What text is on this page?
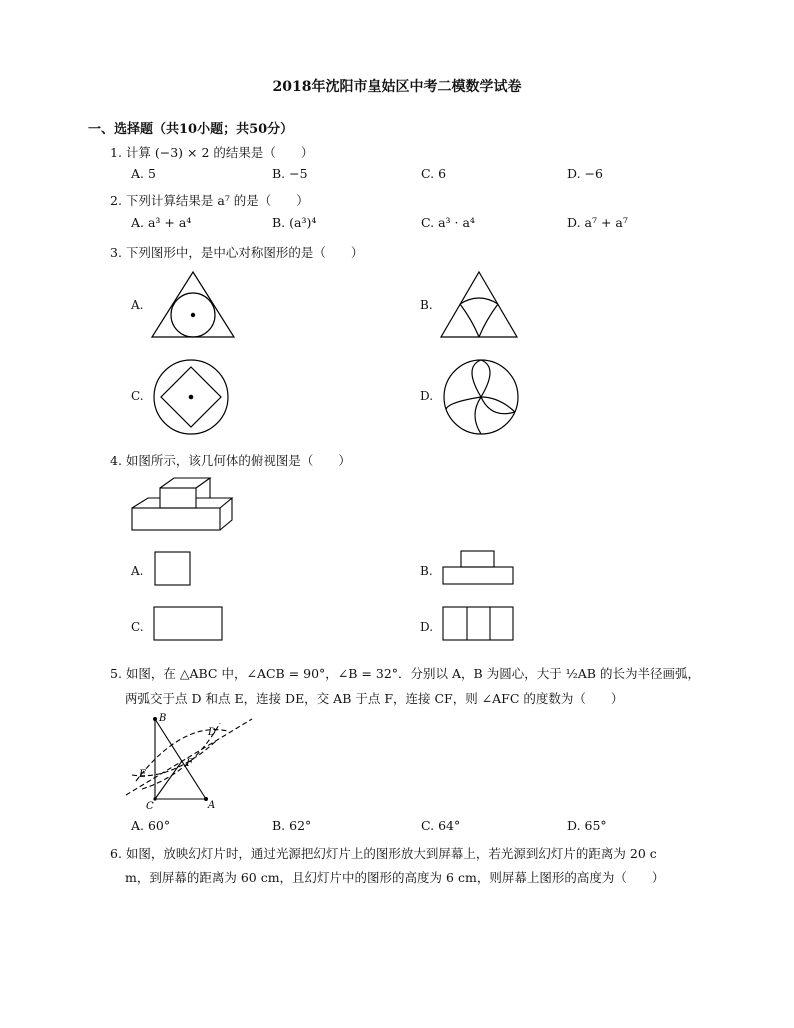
2018年沈阳市皇姑区中考二模数学试卷
一、选择题（共10小题；共50分）
1. 计算 (−3) × 2 的结果是（　　）
A. 5	B. −5	C. 6	D. −6
2. 下列计算结果是 a⁷ 的是（　　）
A. a³ + a⁴	B. (a³)⁴	C. a³ · a⁴	D. a⁷ + a⁷
3. 下列图形中，是中心对称图形的是（　　）
A.	B.
C.	D.
4. 如图所示，该几何体的俯视图是（　　）
A.	B.
C.	D.
5. 如图，在 △ABC 中，∠ACB = 90°，∠B = 32°．分别以 A，B 为圆心，大于 ½AB 的长为半径画弧，
两弧交于点 D 和点 E，连接 DE，交 AB 于点 F，连接 CF，则 ∠AFC 的度数为（　　）
B
D
E
F
C	A
A. 60°	B. 62°	C. 64°	D. 65°
6. 如图，放映幻灯片时，通过光源把幻灯片上的图形放大到屏幕上，若光源到幻灯片的距离为 20 c
m，到屏幕的距离为 60 cm，且幻灯片中的图形的高度为 6 cm，则屏幕上图形的高度为（　　）
